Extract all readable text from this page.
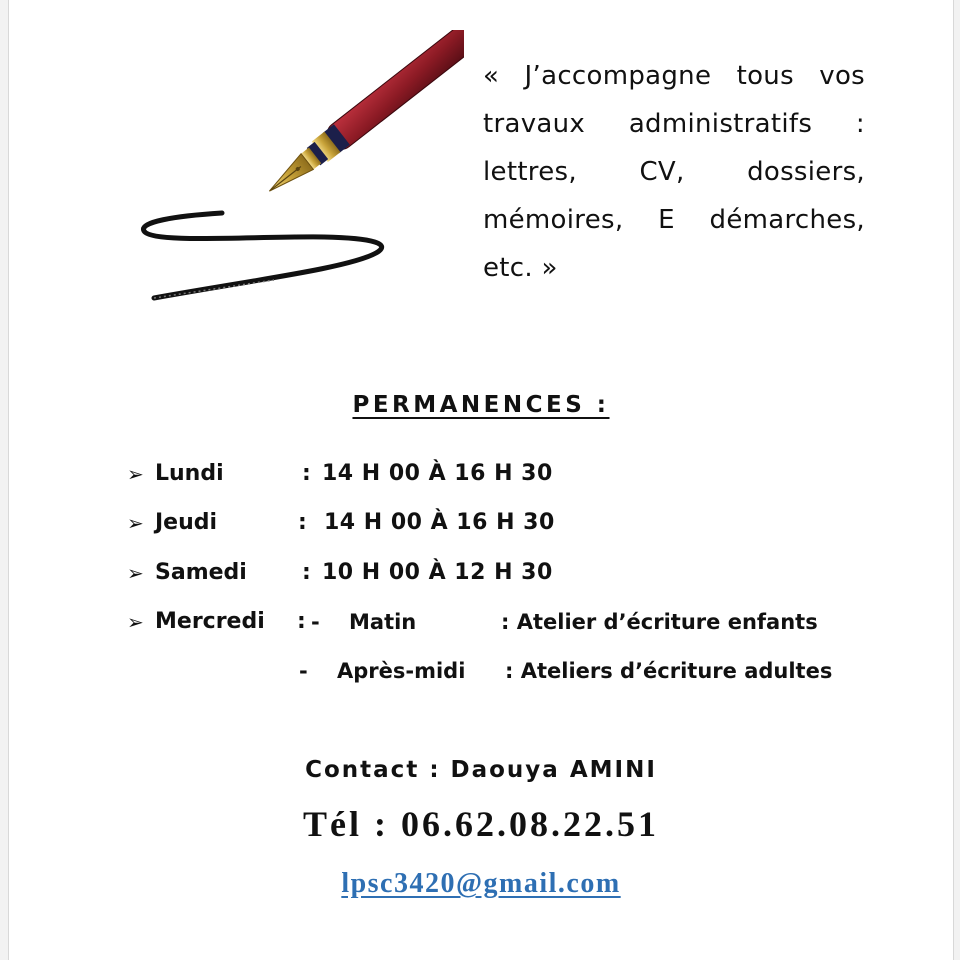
« J’accompagne tous vos
travaux administratifs :
lettres, CV, dossiers,
mémoires, E démarches,
etc. »
PERMANENCES :
➢ Lundi	: 14 H 00 À 16 H 30
➢ Jeudi	: 14 H 00 À 16 H 30
➢ Samedi	: 10 H 00 À 12 H 30
➢ Mercredi : - Matin	: Atelier d’écriture enfants
- Après-midi : Ateliers d’écriture adultes
Contact : Daouya AMINI
Tél : 06.62.08.22.51
lpsc3420@gmail.com
